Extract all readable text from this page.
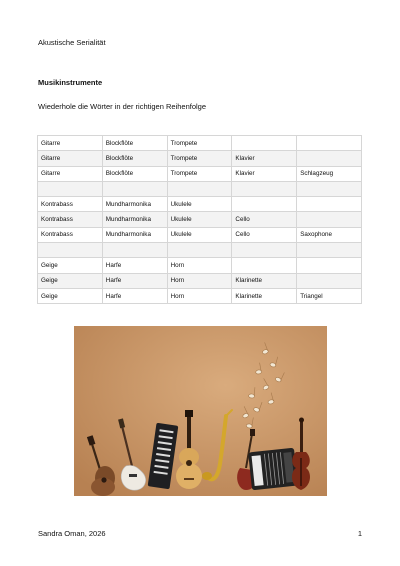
Akustische Serialität
Musikinstrumente
Wiederhole die Wörter in der richtigen Reihenfolge
Gitarre	Blockflöte	Trompete		
Gitarre	Blockflöte	Trompete	Klavier	
Gitarre	Blockflöte	Trompete	Klavier	Schlagzeug

Kontrabass	Mundharmonika	Ukulele		
Kontrabass	Mundharmonika	Ukulele	Cello	
Kontrabass	Mundharmonika	Ukulele	Cello	Saxophone

Geige	Harfe	Horn		
Geige	Harfe	Horn	Klarinette	
Geige	Harfe	Horn	Klarinette	Triangel
Sandra Oman, 2026	1
